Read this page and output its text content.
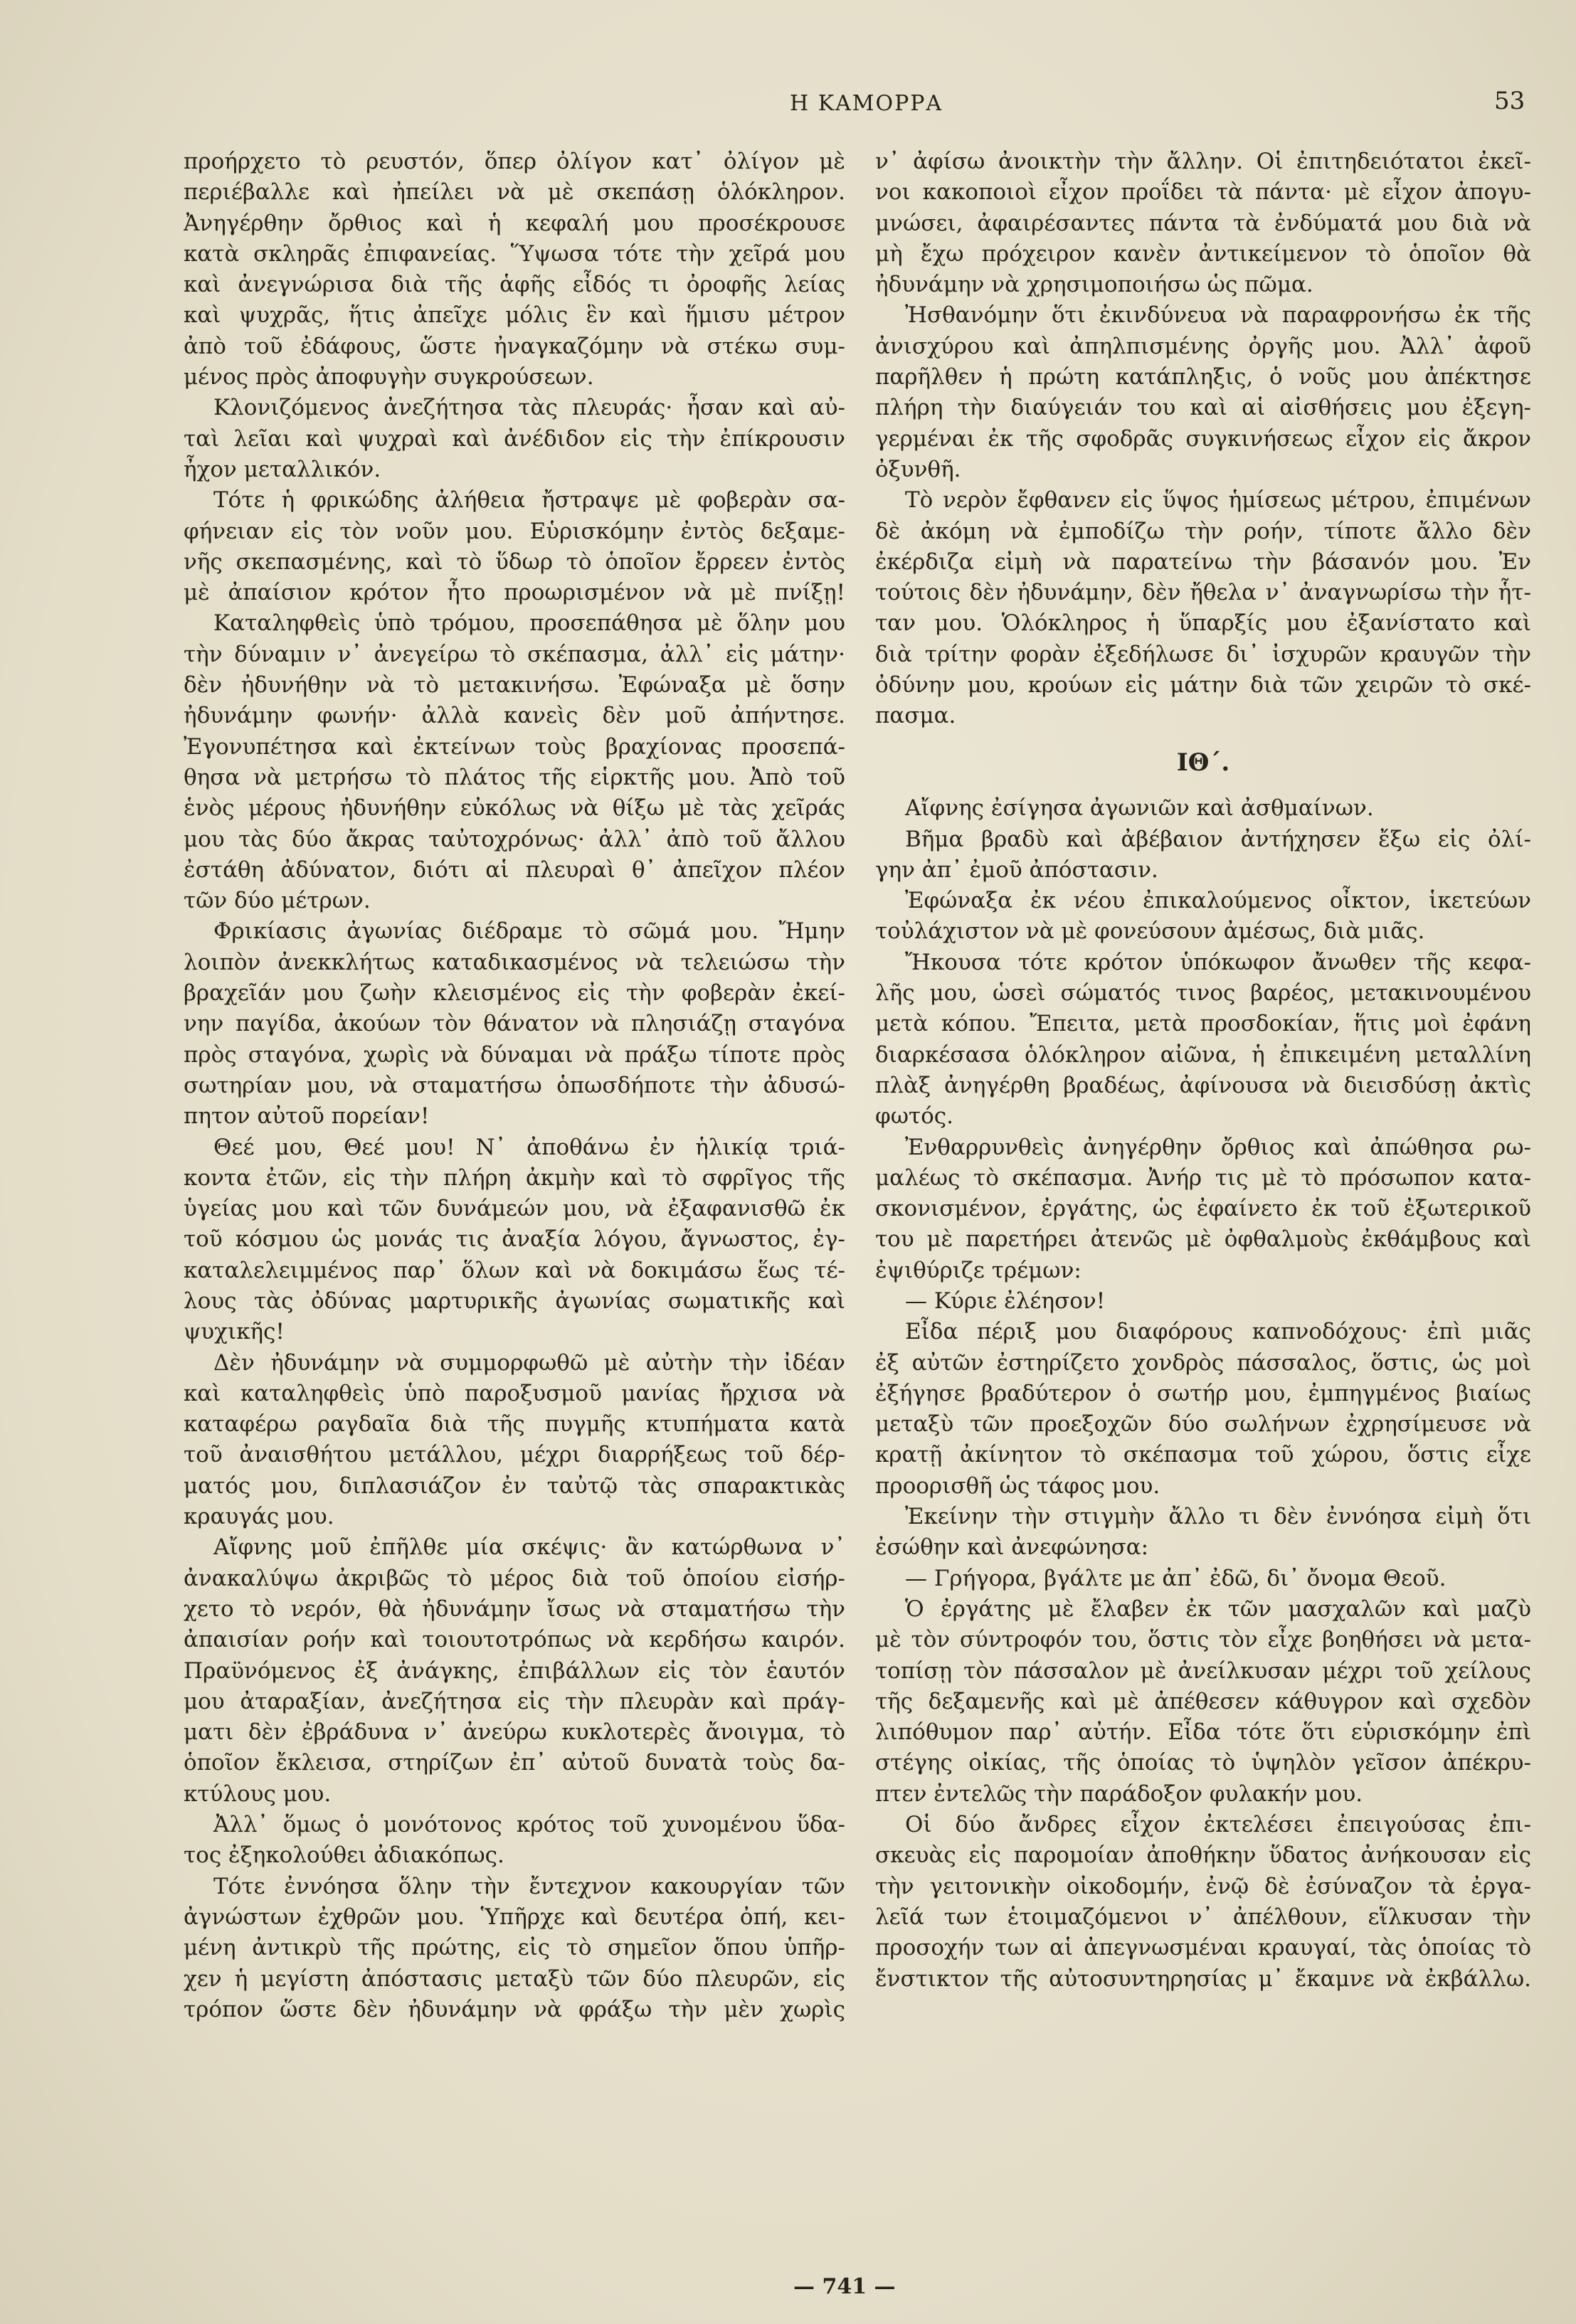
Η ΚΑΜΟΡΡΑ	53
προήρχετο τὸ ρευστόν, ὅπερ ὀλίγον κατ᾽ ὀλίγον μὲ
περιέβαλλε καὶ ἠπείλει νὰ μὲ σκεπάσῃ ὁλόκληρον.
Ἀνηγέρθην ὄρθιος καὶ ἡ κεφαλή μου προσέκρουσε
κατὰ σκληρᾶς ἐπιφανείας. Ὕψωσα τότε τὴν χεῖρά μου
καὶ ἀνεγνώρισα διὰ τῆς ἁφῆς εἶδός τι ὀροφῆς λείας
καὶ ψυχρᾶς, ἥτις ἀπεῖχε μόλις ἓν καὶ ἥμισυ μέτρον
ἀπὸ τοῦ ἐδάφους, ὥστε ἠναγκαζόμην νὰ στέκω συμ-
μένος πρὸς ἀποφυγὴν συγκρούσεων.
Κλονιζόμενος ἀνεζήτησα τὰς πλευράς· ἦσαν καὶ αὐ-
ταὶ λεῖαι καὶ ψυχραὶ καὶ ἀνέδιδον εἰς τὴν ἐπίκρουσιν
ἦχον μεταλλικόν.
Τότε ἡ φρικώδης ἀλήθεια ἤστραψε μὲ φοβερὰν σα-
φήνειαν εἰς τὸν νοῦν μου. Εὑρισκόμην ἐντὸς δεξαμε-
νῆς σκεπασμένης, καὶ τὸ ὕδωρ τὸ ὁποῖον ἔρρεεν ἐντὸς
μὲ ἀπαίσιον κρότον ἦτο προωρισμένον νὰ μὲ πνίξῃ!
Καταληφθεὶς ὑπὸ τρόμου, προσεπάθησα μὲ ὅλην μου
τὴν δύναμιν ν᾽ ἀνεγείρω τὸ σκέπασμα, ἀλλ᾽ εἰς μάτην·
δὲν ἠδυνήθην νὰ τὸ μετακινήσω. Ἐφώναξα μὲ ὅσην
ἠδυνάμην φωνήν· ἀλλὰ κανεὶς δὲν μοῦ ἀπήντησε.
Ἐγονυπέτησα καὶ ἐκτείνων τοὺς βραχίονας προσεπά-
θησα νὰ μετρήσω τὸ πλάτος τῆς εἱρκτῆς μου. Ἀπὸ τοῦ
ἑνὸς μέρους ἠδυνήθην εὐκόλως νὰ θίξω μὲ τὰς χεῖράς
μου τὰς δύο ἄκρας ταὐτοχρόνως· ἀλλ᾽ ἀπὸ τοῦ ἄλλου
ἐστάθη ἀδύνατον, διότι αἱ πλευραὶ θ᾽ ἀπεῖχον πλέον
τῶν δύο μέτρων.
Φρικίασις ἀγωνίας διέδραμε τὸ σῶμά μου. Ἤμην
λοιπὸν ἀνεκκλήτως καταδικασμένος νὰ τελειώσω τὴν
βραχεῖάν μου ζωὴν κλεισμένος εἰς τὴν φοβερὰν ἐκεί-
νην παγίδα, ἀκούων τὸν θάνατον νὰ πλησιάζῃ σταγόνα
πρὸς σταγόνα, χωρὶς νὰ δύναμαι νὰ πράξω τίποτε πρὸς
σωτηρίαν μου, νὰ σταματήσω ὁπωσδήποτε τὴν ἀδυσώ-
πητον αὐτοῦ πορείαν!
Θεέ μου, Θεέ μου! Ν᾽ ἀποθάνω ἐν ἡλικίᾳ τριά-
κοντα ἐτῶν, εἰς τὴν πλήρη ἀκμὴν καὶ τὸ σφρῖγος τῆς
ὑγείας μου καὶ τῶν δυνάμεών μου, νὰ ἐξαφανισθῶ ἐκ
τοῦ κόσμου ὡς μονάς τις ἀναξία λόγου, ἄγνωστος, ἐγ-
καταλελειμμένος παρ᾽ ὅλων καὶ νὰ δοκιμάσω ἕως τέ-
λους τὰς ὀδύνας μαρτυρικῆς ἀγωνίας σωματικῆς καὶ
ψυχικῆς!
Δὲν ἠδυνάμην νὰ συμμορφωθῶ μὲ αὐτὴν τὴν ἰδέαν
καὶ καταληφθεὶς ὑπὸ παροξυσμοῦ μανίας ἤρχισα νὰ
καταφέρω ραγδαῖα διὰ τῆς πυγμῆς κτυπήματα κατὰ
τοῦ ἀναισθήτου μετάλλου, μέχρι διαρρήξεως τοῦ δέρ-
ματός μου, διπλασιάζον ἐν ταὐτῷ τὰς σπαρακτικὰς
κραυγάς μου.
Αἴφνης μοῦ ἐπῆλθε μία σκέψις· ἂν κατώρθωνα ν᾽
ἀνακαλύψω ἀκριβῶς τὸ μέρος διὰ τοῦ ὁποίου εἰσήρ-
χετο τὸ νερόν, θὰ ἠδυνάμην ἴσως νὰ σταματήσω τὴν
ἀπαισίαν ροήν καὶ τοιουτοτρόπως νὰ κερδήσω καιρόν.
Πραϋνόμενος ἐξ ἀνάγκης, ἐπιβάλλων εἰς τὸν ἑαυτόν
μου ἀταραξίαν, ἀνεζήτησα εἰς τὴν πλευρὰν καὶ πράγ-
ματι δὲν ἐβράδυνα ν᾽ ἀνεύρω κυκλοτερὲς ἄνοιγμα, τὸ
ὁποῖον ἔκλεισα, στηρίζων ἐπ᾽ αὐτοῦ δυνατὰ τοὺς δα-
κτύλους μου.
Ἀλλ᾽ ὅμως ὁ μονότονος κρότος τοῦ χυνομένου ὕδα-
τος ἐξηκολούθει ἀδιακόπως.
Τότε ἐννόησα ὅλην τὴν ἔντεχνον κακουργίαν τῶν
ἀγνώστων ἐχθρῶν μου. Ὑπῆρχε καὶ δευτέρα ὀπή, κει-
μένη ἀντικρὺ τῆς πρώτης, εἰς τὸ σημεῖον ὅπου ὑπῆρ-
χεν ἡ μεγίστη ἀπόστασις μεταξὺ τῶν δύο πλευρῶν, εἰς
τρόπον ὥστε δὲν ἠδυνάμην νὰ φράξω τὴν μὲν χωρὶς
ν᾽ ἀφίσω ἀνοικτὴν τὴν ἄλλην. Οἱ ἐπιτηδειότατοι ἐκεῖ-
νοι κακοποιοὶ εἶχον προΐδει τὰ πάντα· μὲ εἶχον ἀπογυ-
μνώσει, ἀφαιρέσαντες πάντα τὰ ἐνδύματά μου διὰ νὰ
μὴ ἔχω πρόχειρον κανὲν ἀντικείμενον τὸ ὁποῖον θὰ
ἠδυνάμην νὰ χρησιμοποιήσω ὡς πῶμα.
Ἠσθανόμην ὅτι ἐκινδύνευα νὰ παραφρονήσω ἐκ τῆς
ἀνισχύρου καὶ ἀπηλπισμένης ὀργῆς μου. Ἀλλ᾽ ἀφοῦ
παρῆλθεν ἡ πρώτη κατάπληξις, ὁ νοῦς μου ἀπέκτησε
πλήρη τὴν διαύγειάν του καὶ αἱ αἰσθήσεις μου ἐξεγη-
γερμέναι ἐκ τῆς σφοδρᾶς συγκινήσεως εἶχον εἰς ἄκρον
ὀξυνθῆ.
Τὸ νερὸν ἔφθανεν εἰς ὕψος ἡμίσεως μέτρου, ἐπιμένων
δὲ ἀκόμη νὰ ἐμποδίζω τὴν ροήν, τίποτε ἄλλο δὲν
ἐκέρδιζα εἰμὴ νὰ παρατείνω τὴν βάσανόν μου. Ἐν
τούτοις δὲν ἠδυνάμην, δὲν ἤθελα ν᾽ ἀναγνωρίσω τὴν ἧτ-
ταν μου. Ὁλόκληρος ἡ ὕπαρξίς μου ἐξανίστατο καὶ
διὰ τρίτην φορὰν ἐξεδήλωσε δι᾽ ἰσχυρῶν κραυγῶν τὴν
ὀδύνην μου, κρούων εἰς μάτην διὰ τῶν χειρῶν τὸ σκέ-
πασμα.
ΙΘ΄.
Αἴφνης ἐσίγησα ἀγωνιῶν καὶ ἀσθμαίνων.
Βῆμα βραδὺ καὶ ἀβέβαιον ἀντήχησεν ἔξω εἰς ὀλί-
γην ἀπ᾽ ἐμοῦ ἀπόστασιν.
Ἐφώναξα ἐκ νέου ἐπικαλούμενος οἶκτον, ἱκετεύων
τοὐλάχιστον νὰ μὲ φονεύσουν ἀμέσως, διὰ μιᾶς.
Ἤκουσα τότε κρότον ὑπόκωφον ἄνωθεν τῆς κεφα-
λῆς μου, ὡσεὶ σώματός τινος βαρέος, μετακινουμένου
μετὰ κόπου. Ἔπειτα, μετὰ προσδοκίαν, ἥτις μοὶ ἐφάνη
διαρκέσασα ὁλόκληρον αἰῶνα, ἡ ἐπικειμένη μεταλλίνη
πλὰξ ἀνηγέρθη βραδέως, ἀφίνουσα νὰ διεισδύσῃ ἀκτὶς
φωτός.
Ἐνθαρρυνθεὶς ἀνηγέρθην ὄρθιος καὶ ἀπώθησα ρω-
μαλέως τὸ σκέπασμα. Ἀνήρ τις μὲ τὸ πρόσωπον κατα-
σκονισμένον, ἐργάτης, ὡς ἐφαίνετο ἐκ τοῦ ἐξωτερικοῦ
του μὲ παρετήρει ἀτενῶς μὲ ὀφθαλμοὺς ἐκθάμβους καὶ
ἐψιθύριζε τρέμων:
— Κύριε ἐλέησον!
Εἶδα πέριξ μου διαφόρους καπνοδόχους· ἐπὶ μιᾶς
ἐξ αὐτῶν ἐστηρίζετο χονδρὸς πάσσαλος, ὅστις, ὡς μοὶ
ἐξήγησε βραδύτερον ὁ σωτήρ μου, ἐμπηγμένος βιαίως
μεταξὺ τῶν προεξοχῶν δύο σωλήνων ἐχρησίμευσε νὰ
κρατῇ ἀκίνητον τὸ σκέπασμα τοῦ χώρου, ὅστις εἶχε
προορισθῆ ὡς τάφος μου.
Ἐκείνην τὴν στιγμὴν ἄλλο τι δὲν ἐννόησα εἰμὴ ὅτι
ἐσώθην καὶ ἀνεφώνησα:
— Γρήγορα, βγάλτε με ἀπ᾽ ἐδῶ, δι᾽ ὄνομα Θεοῦ.
Ὁ ἐργάτης μὲ ἔλαβεν ἐκ τῶν μασχαλῶν καὶ μαζὺ
μὲ τὸν σύντροφόν του, ὅστις τὸν εἶχε βοηθήσει νὰ μετα-
τοπίσῃ τὸν πάσσαλον μὲ ἀνείλκυσαν μέχρι τοῦ χείλους
τῆς δεξαμενῆς καὶ μὲ ἀπέθεσεν κάθυγρον καὶ σχεδὸν
λιπόθυμον παρ᾽ αὐτήν. Εἶδα τότε ὅτι εὑρισκόμην ἐπὶ
στέγης οἰκίας, τῆς ὁποίας τὸ ὑψηλὸν γεῖσον ἀπέκρυ-
πτεν ἐντελῶς τὴν παράδοξον φυλακήν μου.
Οἱ δύο ἄνδρες εἶχον ἐκτελέσει ἐπειγούσας ἐπι-
σκευὰς εἰς παρομοίαν ἀποθήκην ὕδατος ἀνήκουσαν εἰς
τὴν γειτονικὴν οἰκοδομήν, ἐνῷ δὲ ἐσύναζον τὰ ἐργα-
λεῖά των ἑτοιμαζόμενοι ν᾽ ἀπέλθουν, εἵλκυσαν τὴν
προσοχήν των αἱ ἀπεγνωσμέναι κραυγαί, τὰς ὁποίας τὸ
ἔνστικτον τῆς αὐτοσυντηρησίας μ᾽ ἔκαμνε νὰ ἐκβάλλω.
— 741 —
